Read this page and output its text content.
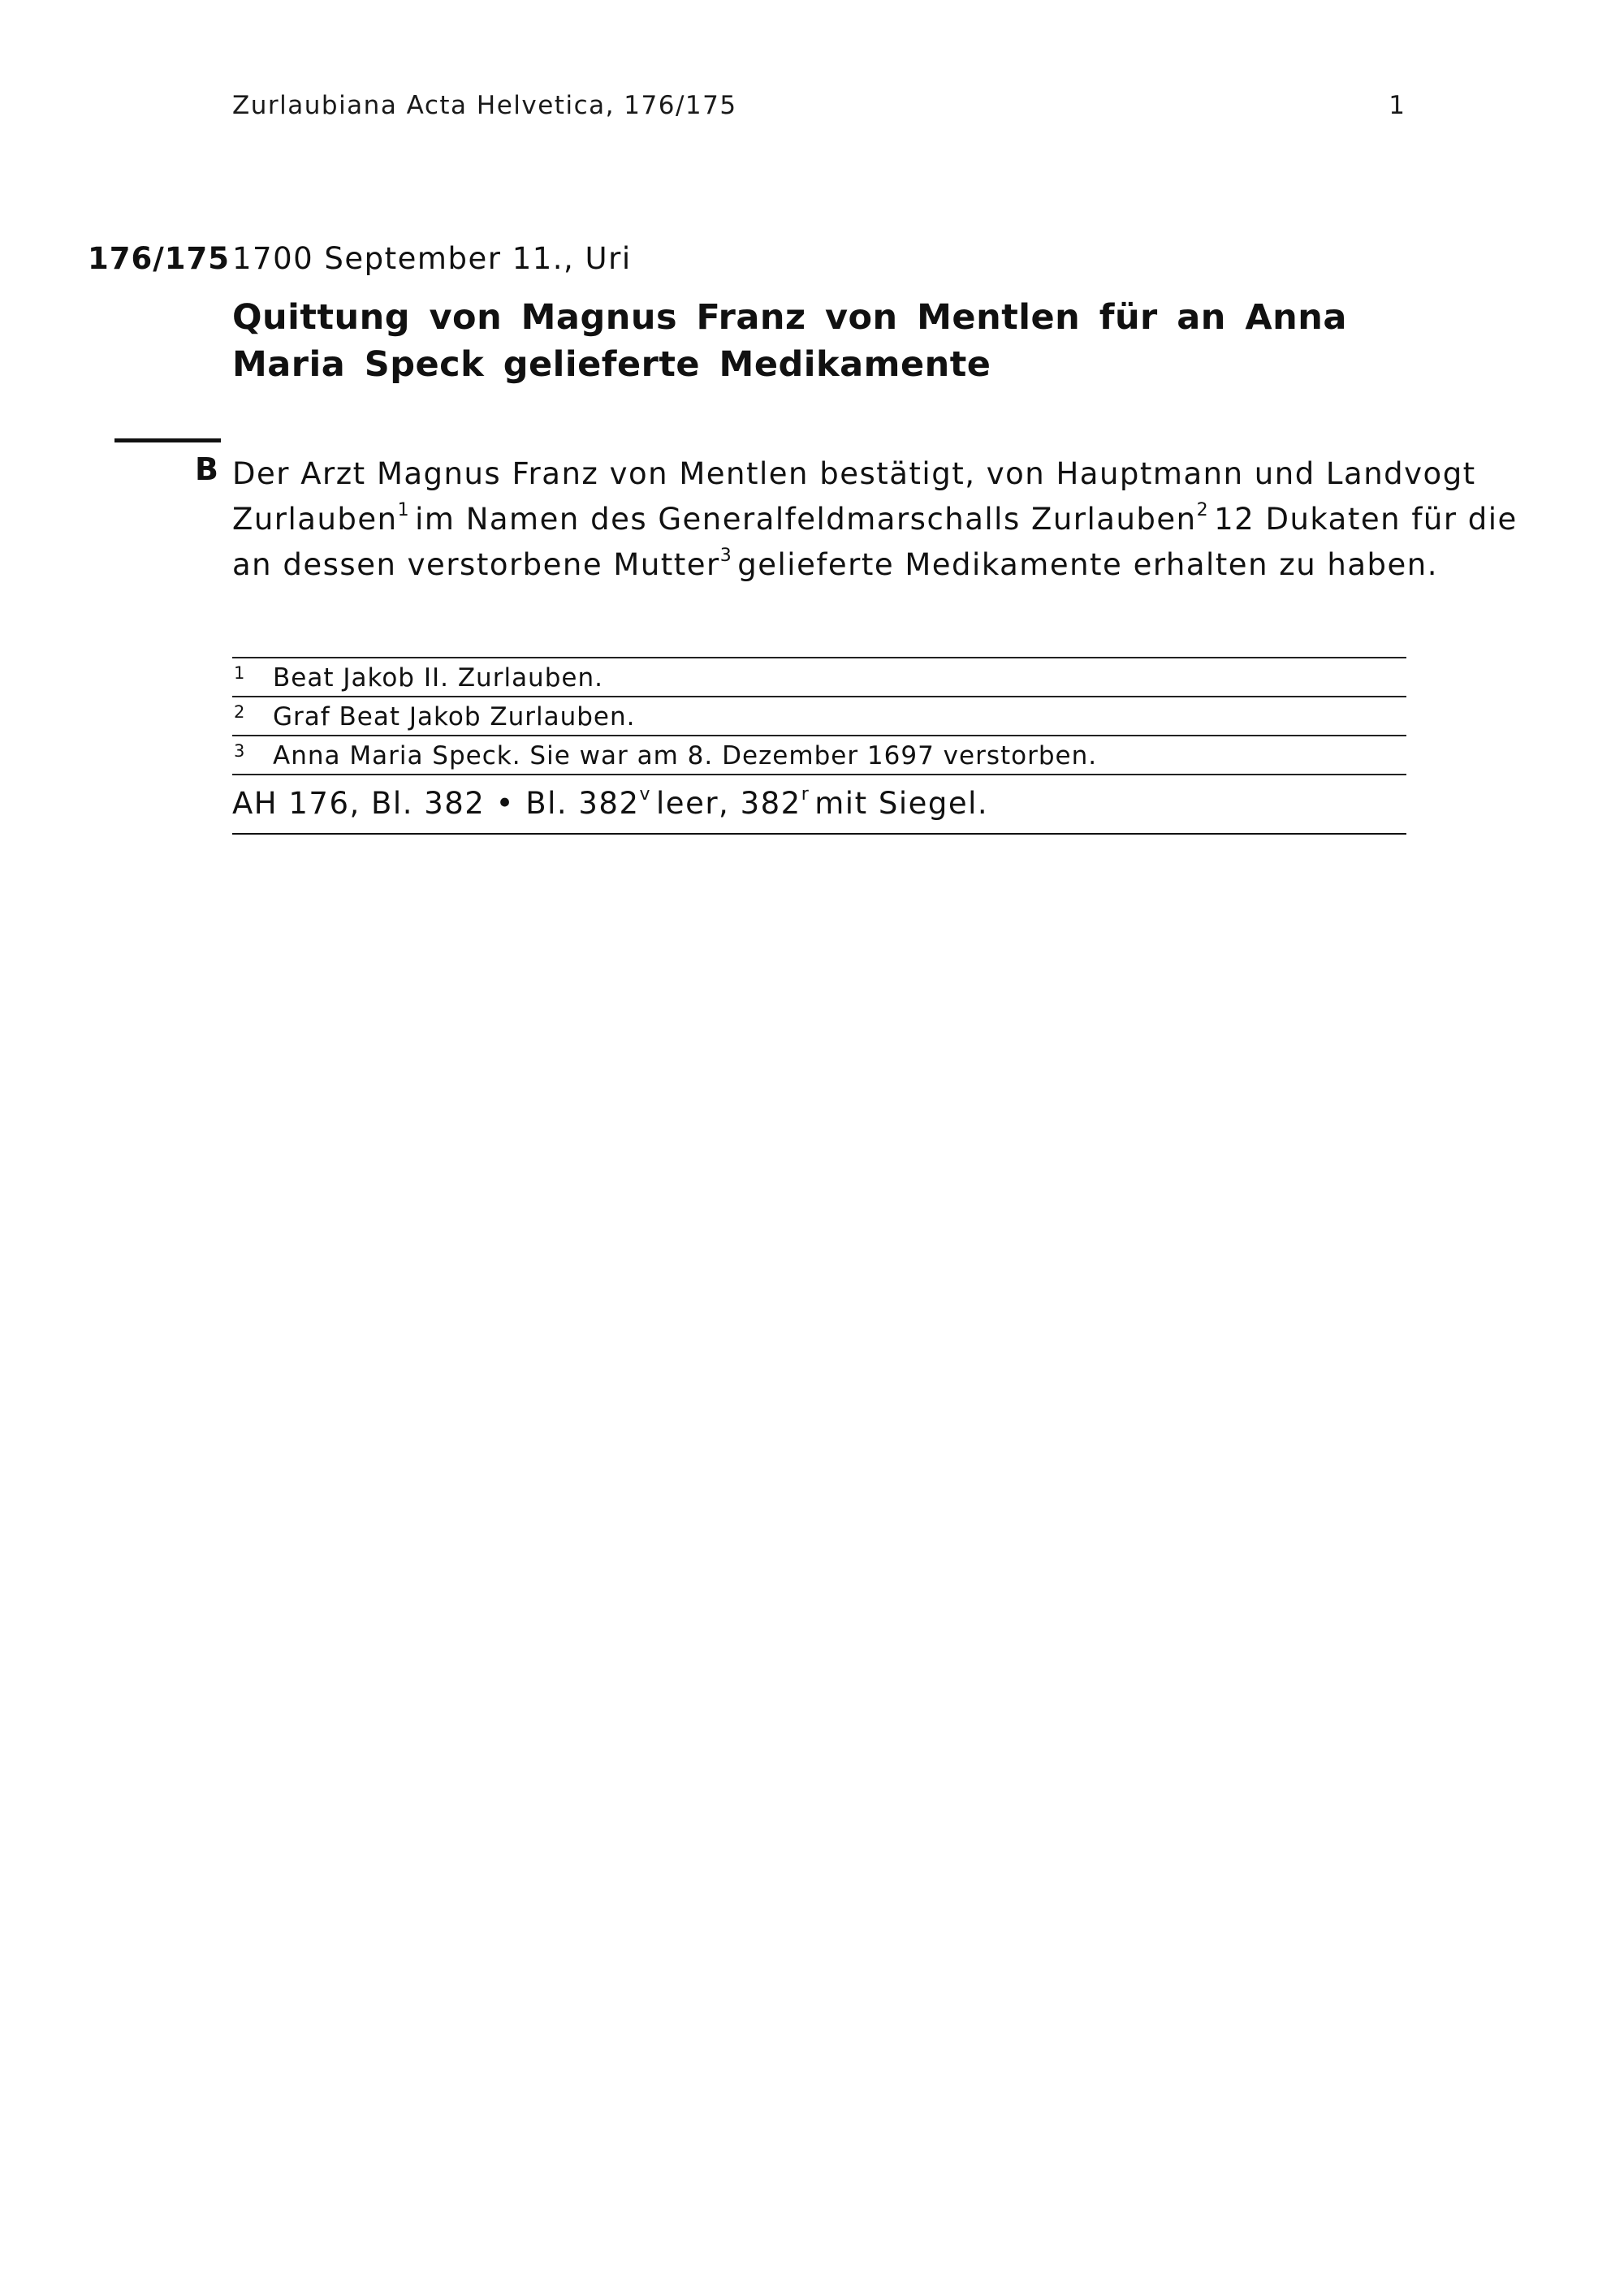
Zurlaubiana Acta Helvetica, 176/175	1
176/175 1700 September 11., Uri
Quittung von Magnus Franz von Mentlen für an Anna Maria Speck gelieferte Medikamente
B Der Arzt Magnus Franz von Mentlen bestätigt, von Hauptmann und Landvogt

Zurlauben$^1$ im Namen des Generalfeldmarschalls Zurlauben$^2$ 12 Dukaten für die

an dessen verstorbene Mutter$^3$ gelieferte Medikamente erhalten zu haben.

1 Beat Jakob II. Zurlauben.
2 Graf Beat Jakob Zurlauben.
3 Anna Maria Speck. Sie war am 8. Dezember 1697 verstorben.
AH 176, Bl. 382 • Bl. 382$^v$ leer, 382$^r$ mit Siegel.
